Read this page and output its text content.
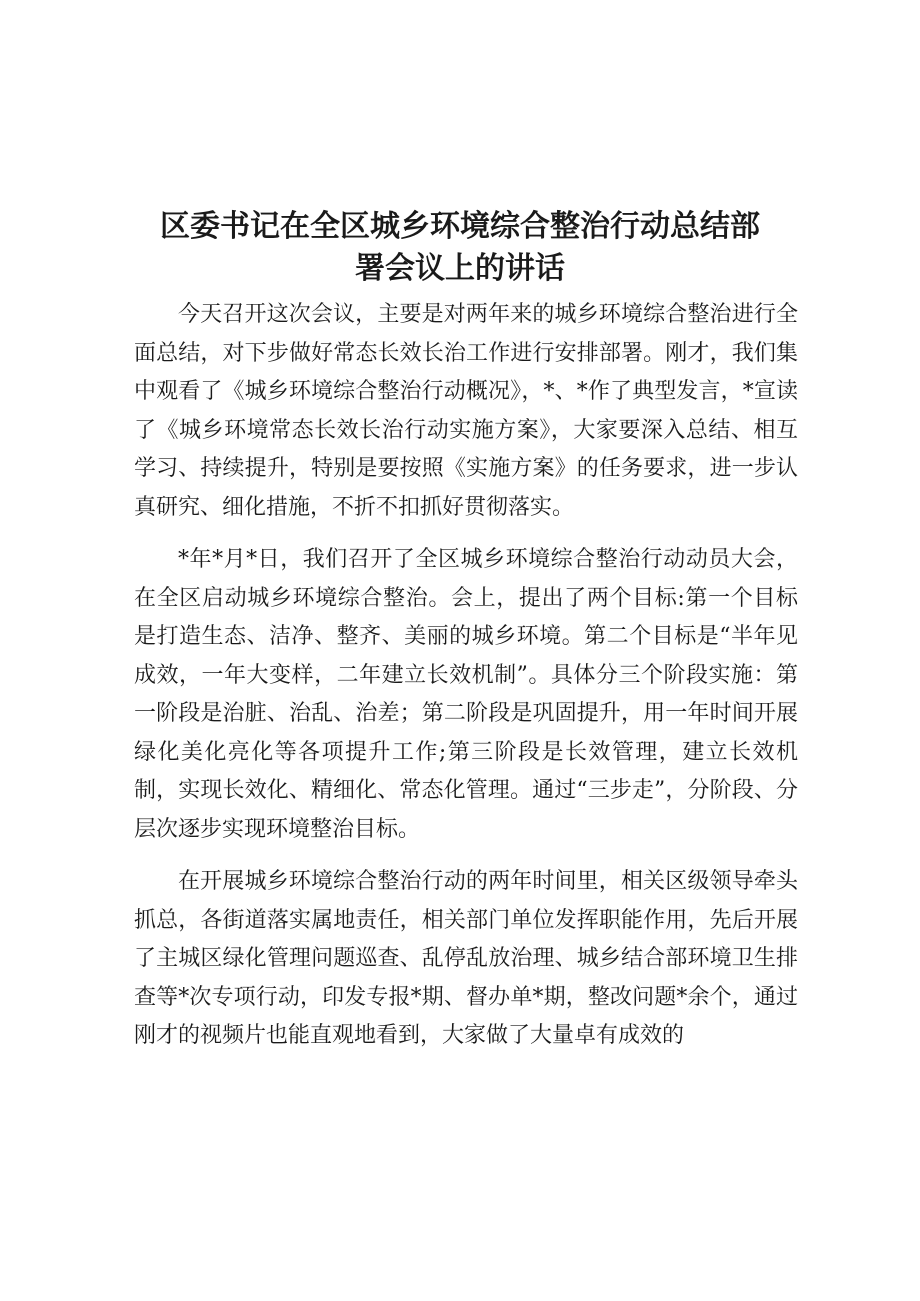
区委书记在全区城乡环境综合整治行动总结部
署会议上的讲话

今天召开这次会议，主要是对两年来的城乡环境综合整治进行全面总结，对下步做好常态长效长治工作进行安排部署。刚才，我们集中观看了《城乡环境综合整治行动概况》，*、*作了典型发言，*宣读了《城乡环境常态长效长治行动实施方案》，大家要深入总结、相互学习、持续提升，特别是要按照《实施方案》的任务要求，进一步认真研究、细化措施，不折不扣抓好贯彻落实。

*年*月*日，我们召开了全区城乡环境综合整治行动动员大会，在全区启动城乡环境综合整治。会上，提出了两个目标:第一个目标是打造生态、洁净、整齐、美丽的城乡环境。第二个目标是“半年见成效，一年大变样，二年建立长效机制”。具体分三个阶段实施：第一阶段是治脏、治乱、治差；第二阶段是巩固提升，用一年时间开展绿化美化亮化等各项提升工作;第三阶段是长效管理，建立长效机制，实现长效化、精细化、常态化管理。通过“三步走”，分阶段、分层次逐步实现环境整治目标。

在开展城乡环境综合整治行动的两年时间里，相关区级领导牵头抓总，各街道落实属地责任，相关部门单位发挥职能作用，先后开展了主城区绿化管理问题巡查、乱停乱放治理、城乡结合部环境卫生排查等*次专项行动，印发专报*期、督办单*期，整改问题*余个，通过刚才的视频片也能直观地看到，大家做了大量卓有成效的
